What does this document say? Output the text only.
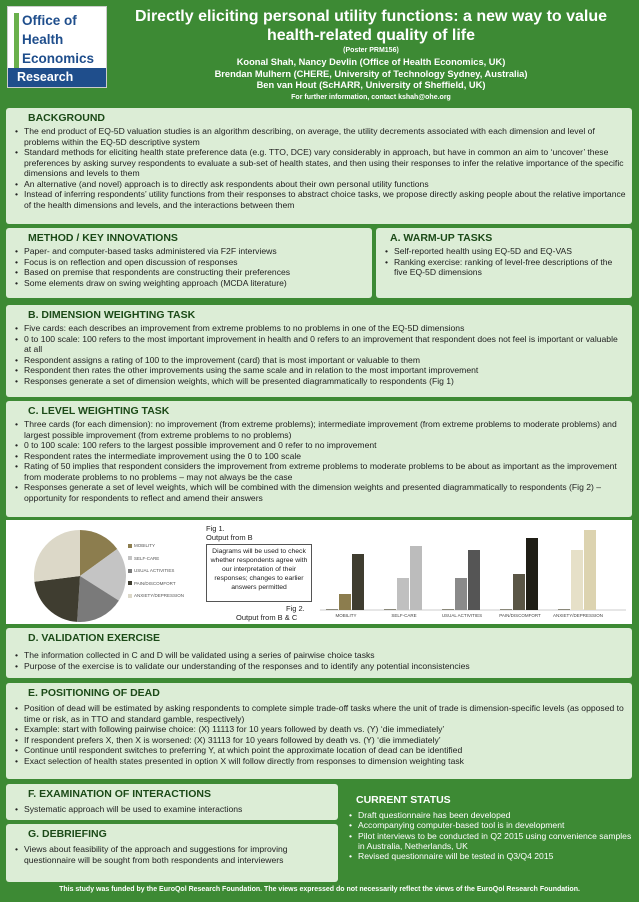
Office of
Health
Economics
Research
Directly eliciting personal utility functions: a new way to value health-related quality of life
(Poster PRM156)
Koonal Shah, Nancy Devlin (Office of Health Economics, UK)
Brendan Mulhern (CHERE, University of Technology Sydney, Australia)
Ben van Hout (ScHARR, University of Sheffield, UK)
For further information, contact kshah@ohe.org
BACKGROUND
• The end product of EQ-5D valuation studies is an algorithm describing, on average, the utility decrements associated with each dimension and level of problems within the EQ-5D descriptive system
• Standard methods for eliciting health state preference data (e.g. TTO, DCE) vary considerably in approach, but have in common an aim to ‘uncover’ these preferences by asking survey respondents to evaluate a sub-set of health states, and then using their responses to infer the relative importance of the specific dimensions and levels to them
• An alternative (and novel) approach is to directly ask respondents about their own personal utility functions
• Instead of inferring respondents’ utility functions from their responses to abstract choice tasks, we propose directly asking people about the relative importance of the health dimensions and levels, and the interactions between them
METHOD / KEY INNOVATIONS
• Paper- and computer-based tasks administered via F2F interviews
• Focus is on reflection and open discussion of responses
• Based on premise that respondents are constructing their preferences
• Some elements draw on swing weighting approach (MCDA literature)
A. WARM-UP TASKS
• Self-reported health using EQ-5D and EQ-VAS
• Ranking exercise: ranking of level-free descriptions of the five EQ-5D dimensions
B. DIMENSION WEIGHTING TASK
• Five cards: each describes an improvement from extreme problems to no problems in one of the EQ-5D dimensions
• 0 to 100 scale: 100 refers to the most important improvement in health and 0 refers to an improvement that respondent does not feel is important or valuable at all
• Respondent assigns a rating of 100 to the improvement (card) that is most important or valuable to them
• Respondent then rates the other improvements using the same scale and in relation to the most important improvement
• Responses generate a set of dimension weights, which will be presented diagrammatically to respondents (Fig 1)
C. LEVEL WEIGHTING TASK
• Three cards (for each dimension): no improvement (from extreme problems); intermediate improvement (from extreme problems to moderate problems) and largest possible improvement (from extreme problems to no problems)
• 0 to 100 scale: 100 refers to the largest possible improvement and 0 refer to no improvement
• Respondent rates the intermediate improvement using the 0 to 100 scale
• Rating of 50 implies that respondent considers the improvement from extreme problems to moderate problems to be about as important as the improvement from moderate problems to no problems – may not always be the case
• Responses generate a set of level weights, which will be combined with the dimension weights and presented diagrammatically to respondents (Fig 2) – opportunity for respondents to reflect and amend their answers
MOBILITY
SELF-CARE
USUAL ACTIVITIES
PAIN/DISCOMFORT
ANXIETY/DEPRESSION
Fig 1.
Output from B
Diagrams will be used to check whether respondents agree with our interpretation of their responses; changes to earlier answers permitted
Fig 2.
Output from B & C	MOBILITY	SELF-CARE	USUAL ACTIVITIES	PAIN/DISCOMFORT	ANXIETY/DEPRESSION
D. VALIDATION EXERCISE
• The information collected in C and D will be validated using a series of pairwise choice tasks
• Purpose of the exercise is to validate our understanding of the responses and to identify any potential inconsistencies
E. POSITIONING OF DEAD
• Position of dead will be estimated by asking respondents to complete simple trade-off tasks where the unit of trade is dimension-specific levels (as opposed to time or risk, as in TTO and standard gamble, respectively)
• Example: start with following pairwise choice: (X) 11113 for 10 years followed by death vs. (Y) ‘die immediately’
• If respondent prefers X, then X is worsened: (X) 31113 for 10 years followed by death vs. (Y) ‘die immediately’
• Continue until respondent switches to preferring Y, at which point the approximate location of dead can be identified
• Exact selection of health states presented in option X will follow directly from responses to dimension weighting task
F. EXAMINATION OF INTERACTIONS
• Systematic approach will be used to examine interactions
G. DEBRIEFING
• Views about feasibility of the approach and suggestions for improving questionnaire will be sought from both respondents and interviewers
CURRENT STATUS
• Draft questionnaire has been developed
• Accompanying computer-based tool is in development
• Pilot interviews to be conducted in Q2 2015 using convenience samples in Australia, Netherlands, UK
• Revised questionnaire will be tested in Q3/Q4 2015
This study was funded by the EuroQol Research Foundation. The views expressed do not necessarily reflect the views of the EuroQol Research Foundation.
